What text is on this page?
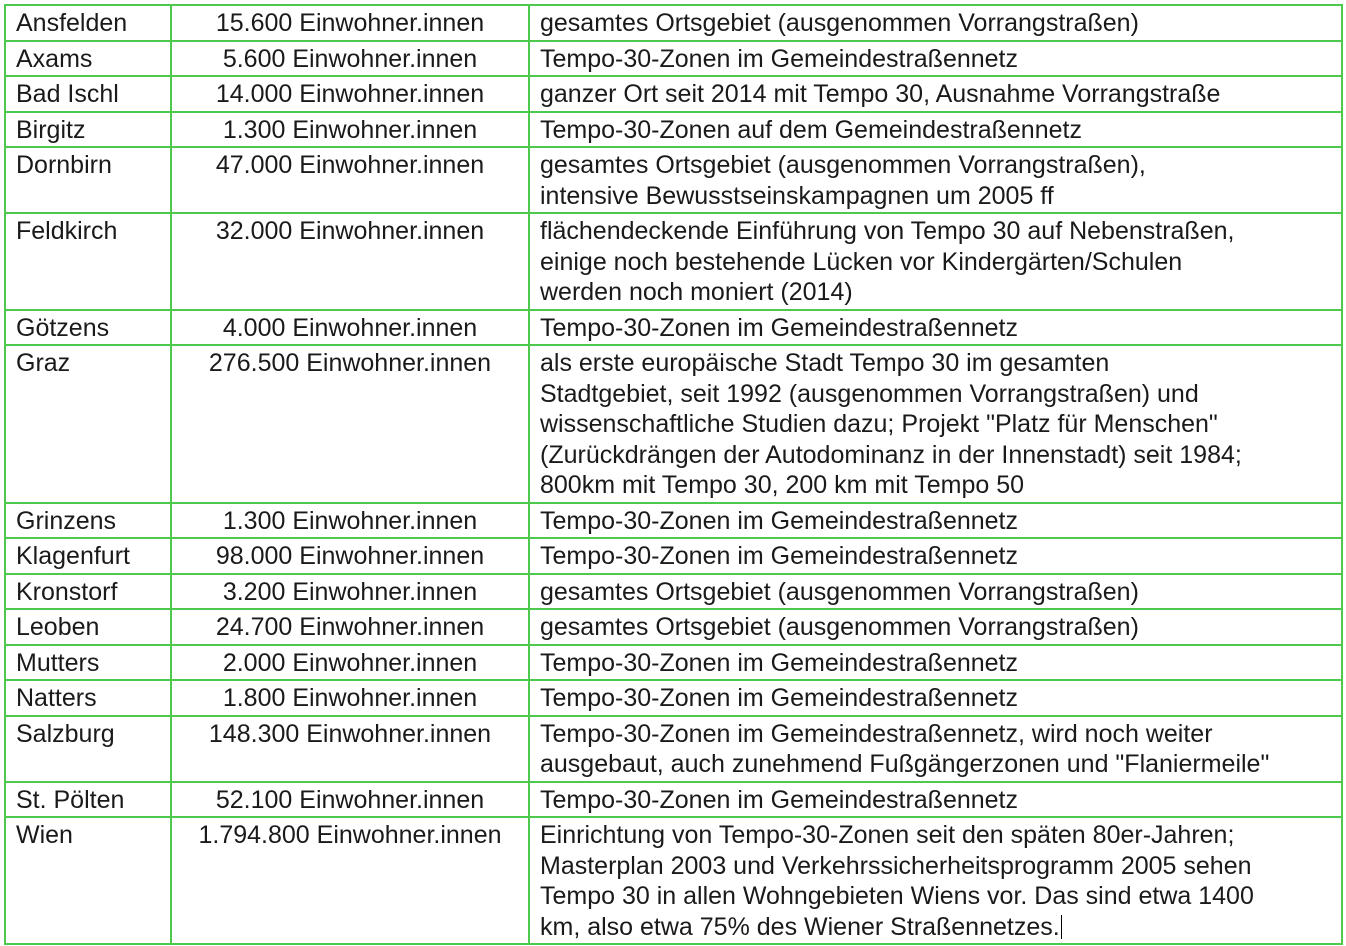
Ansfelden	15.600 Einwohner.innen	gesamtes Ortsgebiet (ausgenommen Vorrangstraßen)

Axams	5.600 Einwohner.innen	Tempo-30-Zonen im Gemeindestraßennetz

Bad Ischl	14.000 Einwohner.innen	ganzer Ort seit 2014 mit Tempo 30, Ausnahme Vorrangstraße

Birgitz	1.300 Einwohner.innen	Tempo-30-Zonen auf dem Gemeindestraßennetz

Dornbirn	47.000 Einwohner.innen	gesamtes Ortsgebiet (ausgenommen Vorrangstraßen),
intensive Bewusstseinskampagnen um 2005 ff

Feldkirch	32.000 Einwohner.innen	flächendeckende Einführung von Tempo 30 auf Nebenstraßen,
einige noch bestehende Lücken vor Kindergärten/Schulen
werden noch moniert (2014)

Götzens	4.000 Einwohner.innen	Tempo-30-Zonen im Gemeindestraßennetz

Graz	276.500 Einwohner.innen	als erste europäische Stadt Tempo 30 im gesamten
Stadtgebiet, seit 1992 (ausgenommen Vorrangstraßen) und
wissenschaftliche Studien dazu; Projekt "Platz für Menschen"
(Zurückdrängen der Autodominanz in der Innenstadt) seit 1984;
800km mit Tempo 30, 200 km mit Tempo 50

Grinzens	1.300 Einwohner.innen	Tempo-30-Zonen im Gemeindestraßennetz

Klagenfurt	98.000 Einwohner.innen	Tempo-30-Zonen im Gemeindestraßennetz

Kronstorf	3.200 Einwohner.innen	gesamtes Ortsgebiet (ausgenommen Vorrangstraßen)

Leoben	24.700 Einwohner.innen	gesamtes Ortsgebiet (ausgenommen Vorrangstraßen)

Mutters	2.000 Einwohner.innen	Tempo-30-Zonen im Gemeindestraßennetz

Natters	1.800 Einwohner.innen	Tempo-30-Zonen im Gemeindestraßennetz

Salzburg	148.300 Einwohner.innen	Tempo-30-Zonen im Gemeindestraßennetz, wird noch weiter
ausgebaut, auch zunehmend Fußgängerzonen und "Flaniermeile"

St. Pölten	52.100 Einwohner.innen	Tempo-30-Zonen im Gemeindestraßennetz

Wien	1.794.800 Einwohner.innen	Einrichtung von Tempo-30-Zonen seit den späten 80er-Jahren;
Masterplan 2003 und Verkehrssicherheitsprogramm 2005 sehen
Tempo 30 in allen Wohngebieten Wiens vor. Das sind etwa 1400
km, also etwa 75% des Wiener Straßennetzes.
